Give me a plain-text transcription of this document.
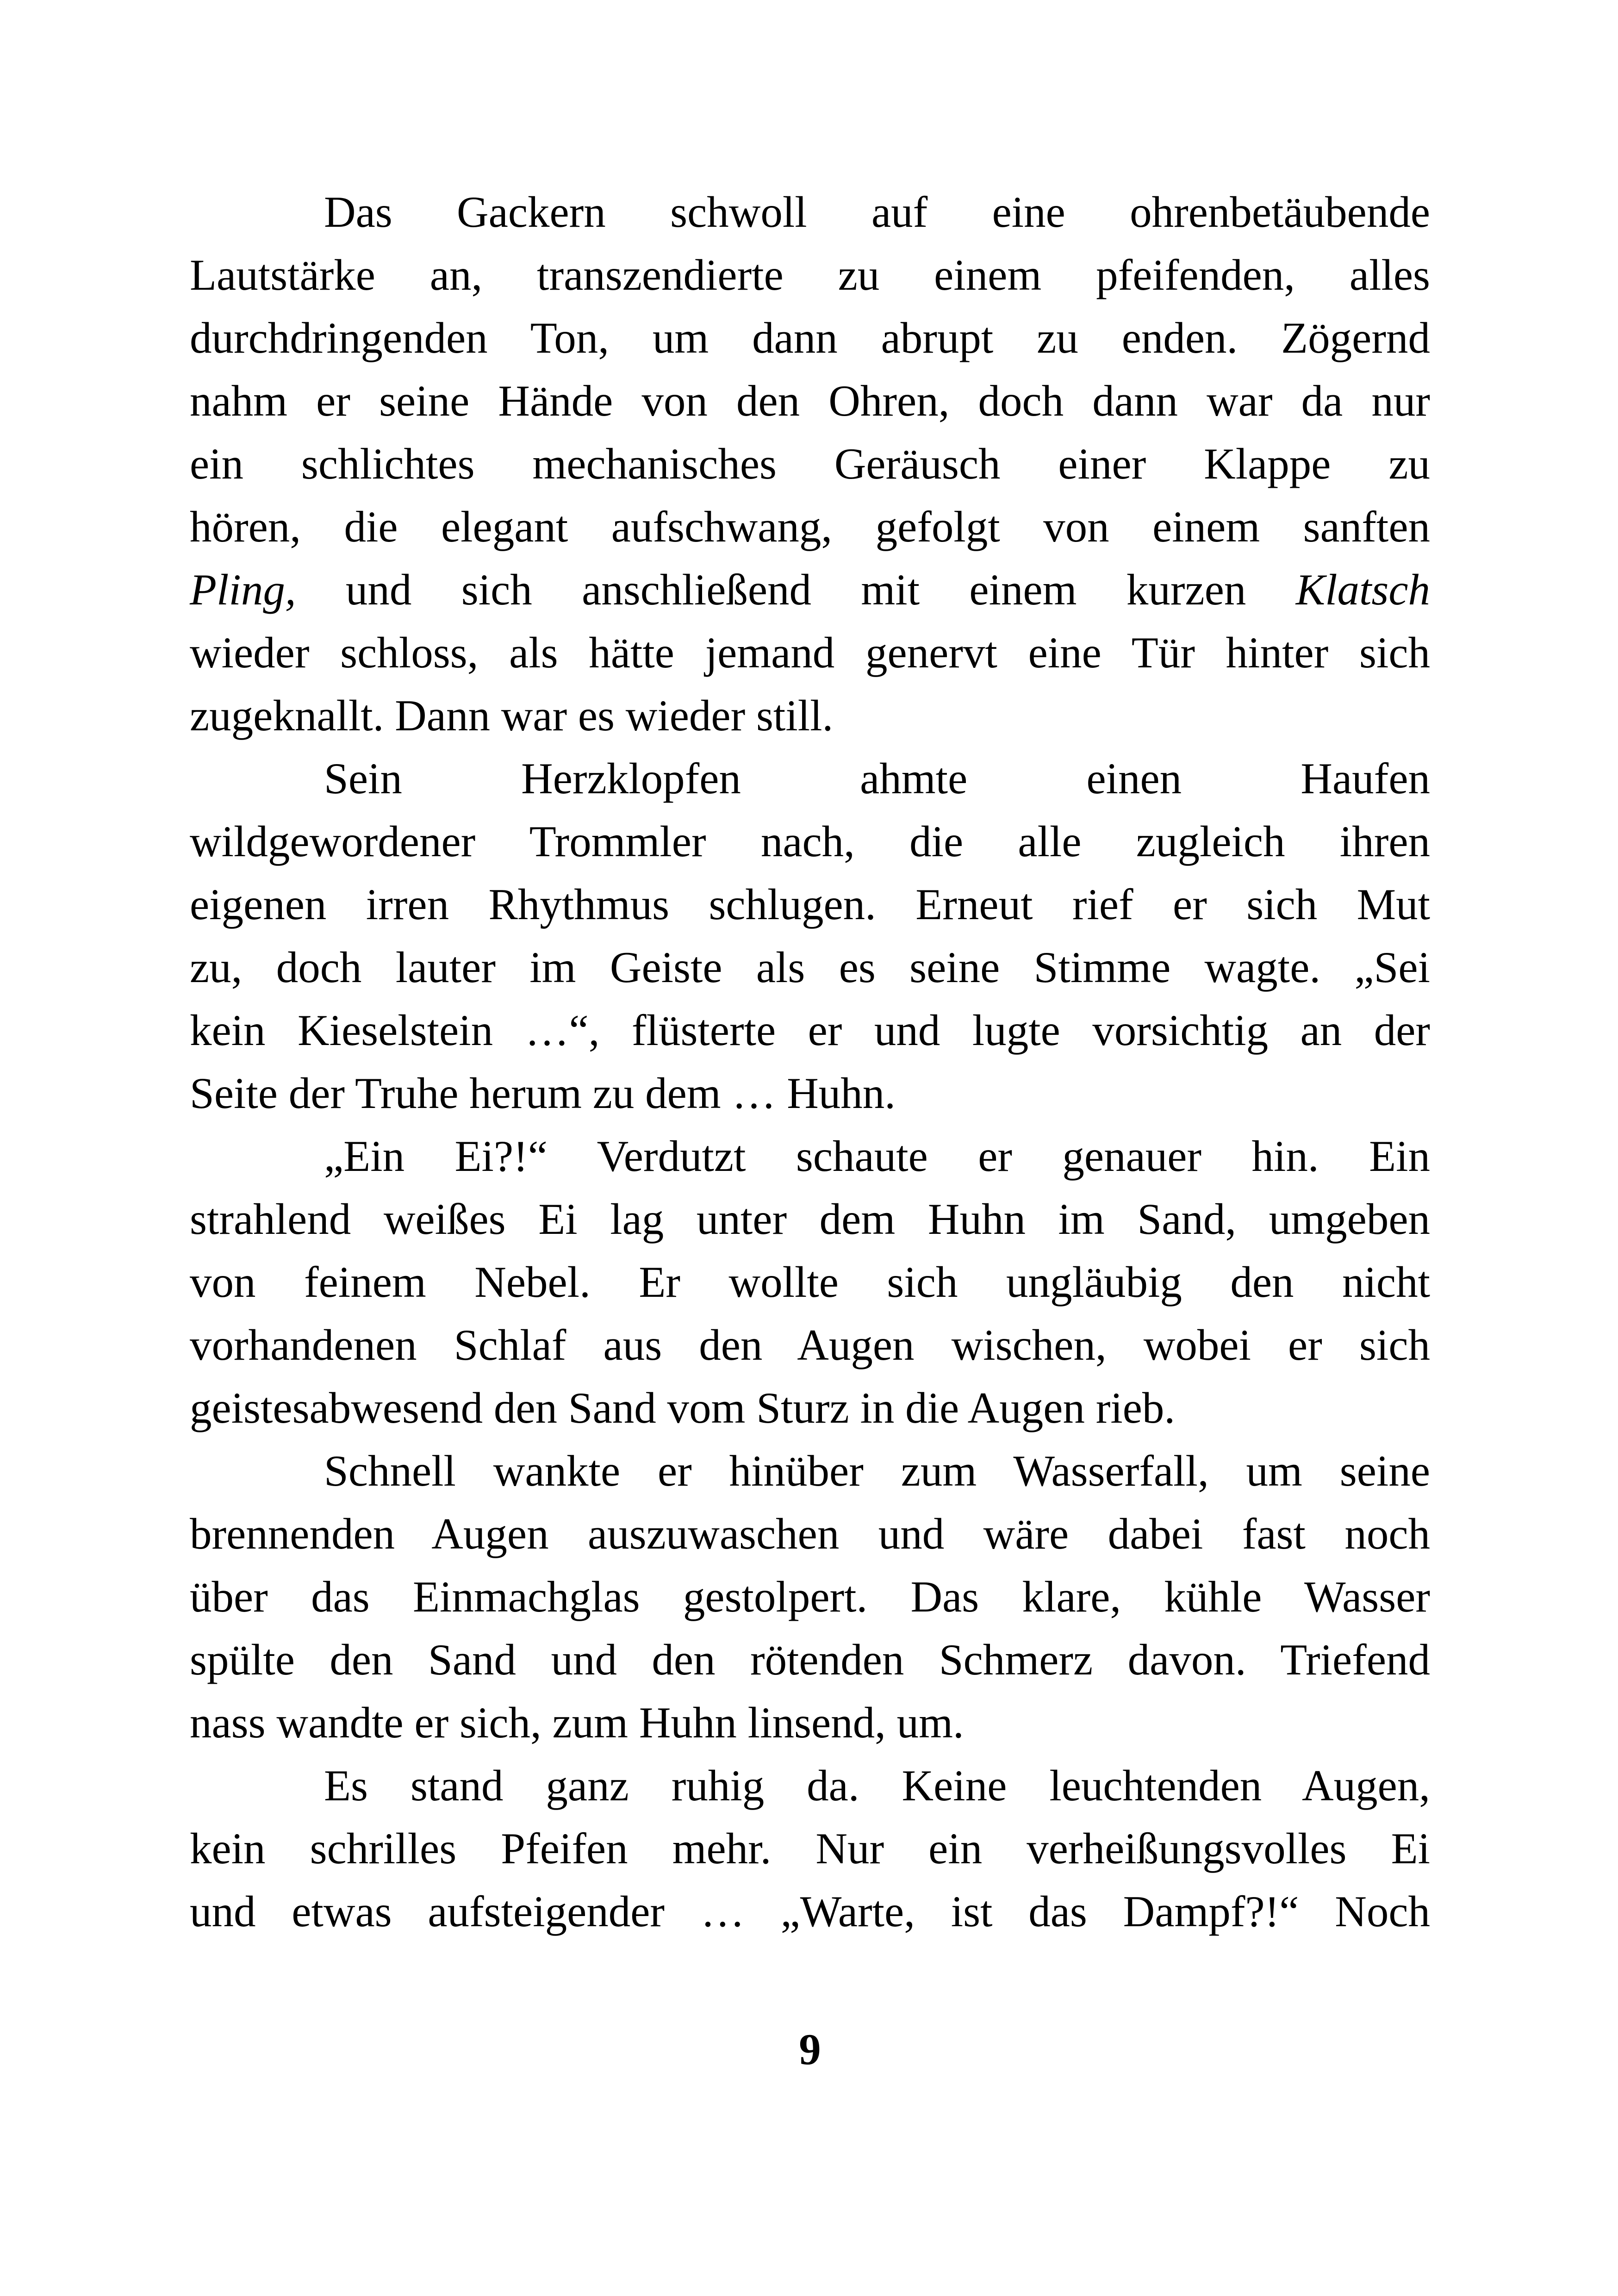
Das Gackern schwoll auf eine ohrenbetäubende
Lautstärke an, transzendierte zu einem pfeifenden, alles
durchdringenden Ton, um dann abrupt zu enden. Zögernd
nahm er seine Hände von den Ohren, doch dann war da nur
ein schlichtes mechanisches Geräusch einer Klappe zu
hören, die elegant aufschwang, gefolgt von einem sanften
Pling, und sich anschließend mit einem kurzen Klatsch
wieder schloss, als hätte jemand genervt eine Tür hinter sich
zugeknallt. Dann war es wieder still.
Sein Herzklopfen ahmte einen Haufen
wildgewordener Trommler nach, die alle zugleich ihren
eigenen irren Rhythmus schlugen. Erneut rief er sich Mut
zu, doch lauter im Geiste als es seine Stimme wagte. „Sei
kein Kieselstein …“, flüsterte er und lugte vorsichtig an der
Seite der Truhe herum zu dem … Huhn.
„Ein Ei?!“ Verdutzt schaute er genauer hin. Ein
strahlend weißes Ei lag unter dem Huhn im Sand, umgeben
von feinem Nebel. Er wollte sich ungläubig den nicht
vorhandenen Schlaf aus den Augen wischen, wobei er sich
geistesabwesend den Sand vom Sturz in die Augen rieb.
Schnell wankte er hinüber zum Wasserfall, um seine
brennenden Augen auszuwaschen und wäre dabei fast noch
über das Einmachglas gestolpert. Das klare, kühle Wasser
spülte den Sand und den rötenden Schmerz davon. Triefend
nass wandte er sich, zum Huhn linsend, um.
Es stand ganz ruhig da. Keine leuchtenden Augen,
kein schrilles Pfeifen mehr. Nur ein verheißungsvolles Ei
und etwas aufsteigender … „Warte, ist das Dampf?!“ Noch
9
